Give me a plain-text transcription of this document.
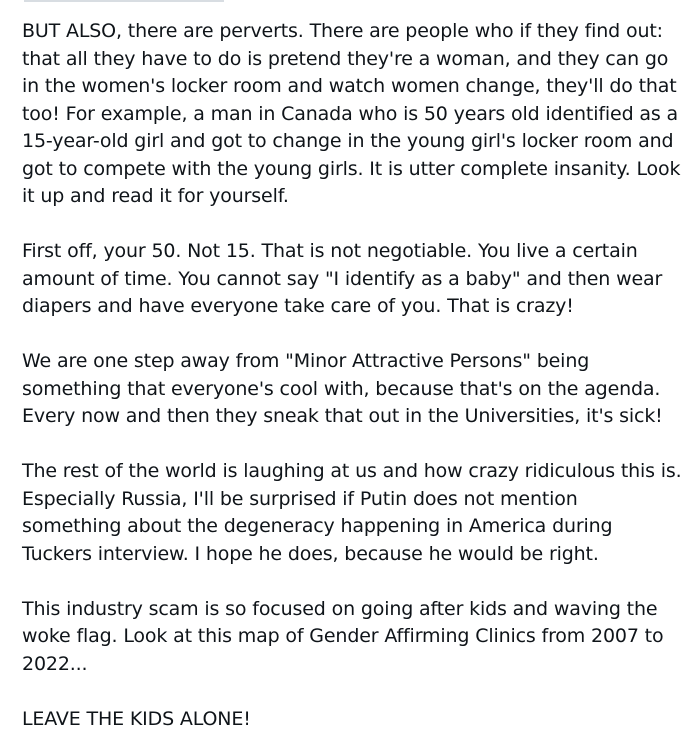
BUT ALSO, there are perverts. There are people who if they find out: that all they have to do is pretend they're a woman, and they can go in the women's locker room and watch women change, they'll do that too! For example, a man in Canada who is 50 years old identified as a 15-year-old girl and got to change in the young girl's locker room and got to compete with the young girls. It is utter complete insanity. Look it up and read it for yourself.

First off, your 50. Not 15. That is not negotiable. You live a certain amount of time. You cannot say "I identify as a baby" and then wear diapers and have everyone take care of you. That is crazy!

We are one step away from "Minor Attractive Persons" being something that everyone's cool with, because that's on the agenda. Every now and then they sneak that out in the Universities, it's sick!

The rest of the world is laughing at us and how crazy ridiculous this is. Especially Russia, I'll be surprised if Putin does not mention something about the degeneracy happening in America during Tuckers interview. I hope he does, because he would be right.

This industry scam is so focused on going after kids and waving the woke flag. Look at this map of Gender Affirming Clinics from 2007 to 2022...

LEAVE THE KIDS ALONE!
